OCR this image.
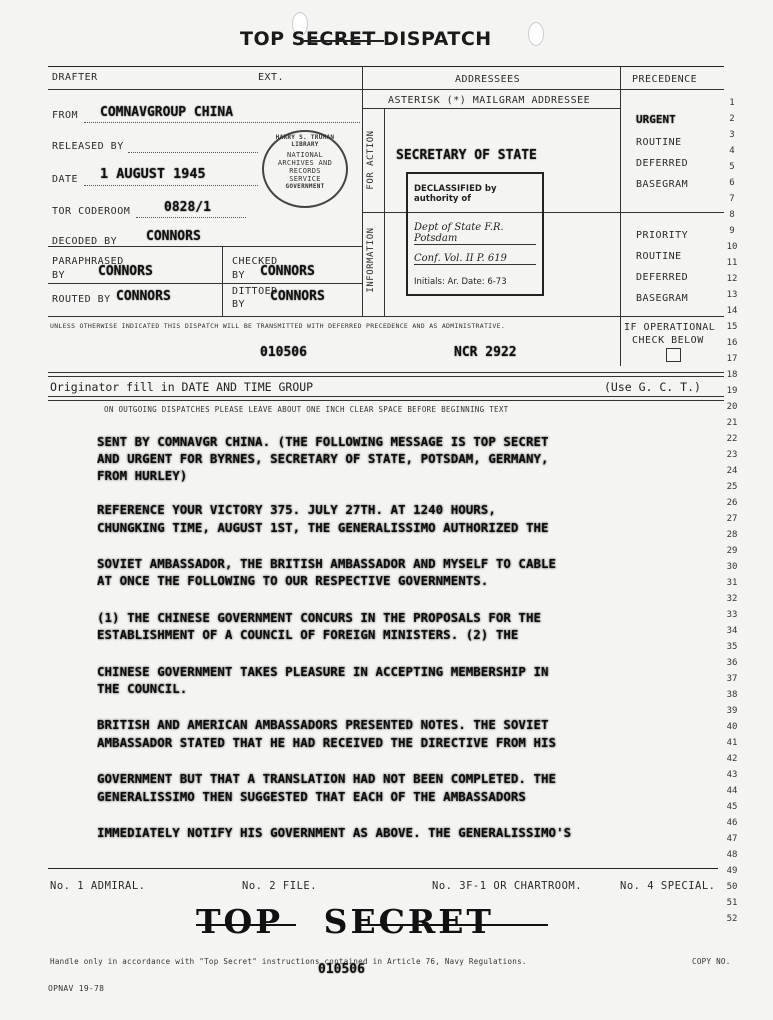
TOP SECRET DISPATCH
DRAFTER	EXT.	ADDRESSEES	PRECEDENCE
ASTERISK (*) MAILGRAM ADDRESSEE
FROM COMNAVGROUP CHINA
RELEASED BY
DATE 1 AUGUST 1945
TOR CODEROOM	0828/1
DECODED BY CONNORS
PARAPHRASED
BY	CONNORS
CHECKED
BY CONNORS
ROUTED BY CONNORS	DITTOED
BY
CONNORS
HARRY S. TRUMAN LIBRARY
NATIONAL
ARCHIVES AND
RECORDS
SERVICE
GOVERNMENT	FOR ACTION
INFORMATION
SECRETARY OF STATE
DECLASSIFIED by authority of
Dept of State F.R. Potsdam
Conf. Vol. II P. 619
Initials: Ar. Date: 6-73
URGENT
ROUTINE
DEFERRED
BASEGRAM
PRIORITY
ROUTINE
DEFERRED
BASEGRAM
UNLESS OTHERWISE INDICATED THIS DISPATCH WILL BE TRANSMITTED WITH DEFERRED PRECEDENCE AND AS ADMINISTRATIVE.
010506	NCR 2922
IF OPERATIONAL
CHECK BELOW
Originator fill in DATE AND TIME GROUP	(Use G. C. T.)
ON OUTGOING DISPATCHES PLEASE LEAVE ABOUT ONE INCH CLEAR SPACE BEFORE BEGINNING TEXT
SENT BY COMNAVGR CHINA. (THE FOLLOWING MESSAGE IS TOP SECRET
AND URGENT FOR BYRNES, SECRETARY OF STATE, POTSDAM, GERMANY,
FROM HURLEY)
REFERENCE YOUR VICTORY 375. JULY 27TH. AT 1240 HOURS,
CHUNGKING TIME, AUGUST 1ST, THE GENERALISSIMO AUTHORIZED THE
SOVIET AMBASSADOR, THE BRITISH AMBASSADOR AND MYSELF TO CABLE
AT ONCE THE FOLLOWING TO OUR RESPECTIVE GOVERNMENTS.
(1) THE CHINESE GOVERNMENT CONCURS IN THE PROPOSALS FOR THE
ESTABLISHMENT OF A COUNCIL OF FOREIGN MINISTERS. (2) THE
CHINESE GOVERNMENT TAKES PLEASURE IN ACCEPTING MEMBERSHIP IN
THE COUNCIL.
BRITISH AND AMERICAN AMBASSADORS PRESENTED NOTES. THE SOVIET
AMBASSADOR STATED THAT HE HAD RECEIVED THE DIRECTIVE FROM HIS
GOVERNMENT BUT THAT A TRANSLATION HAD NOT BEEN COMPLETED. THE
GENERALISSIMO THEN SUGGESTED THAT EACH OF THE AMBASSADORS
IMMEDIATELY NOTIFY HIS GOVERNMENT AS ABOVE. THE GENERALISSIMO'S
1
2
3
4
5
6
7
8
9
10
11
12
13
14
15
16
17
18
19
20
21
22
23
24
25
26
27
28
29
30
31
32
33
34
35
36
37
38
39
40
41
42
43
44
45
46
47
48
49
50
51
52
No. 1 ADMIRAL.	No. 2 FILE.	No. 3F-1 OR CHARTROOM.	No. 4 SPECIAL.
TOP SECRET
Handle only in accordance with "Top Secret" instructions contained in Article 76, Navy Regulations.	COPY NO.
010506
OPNAV 19-78
